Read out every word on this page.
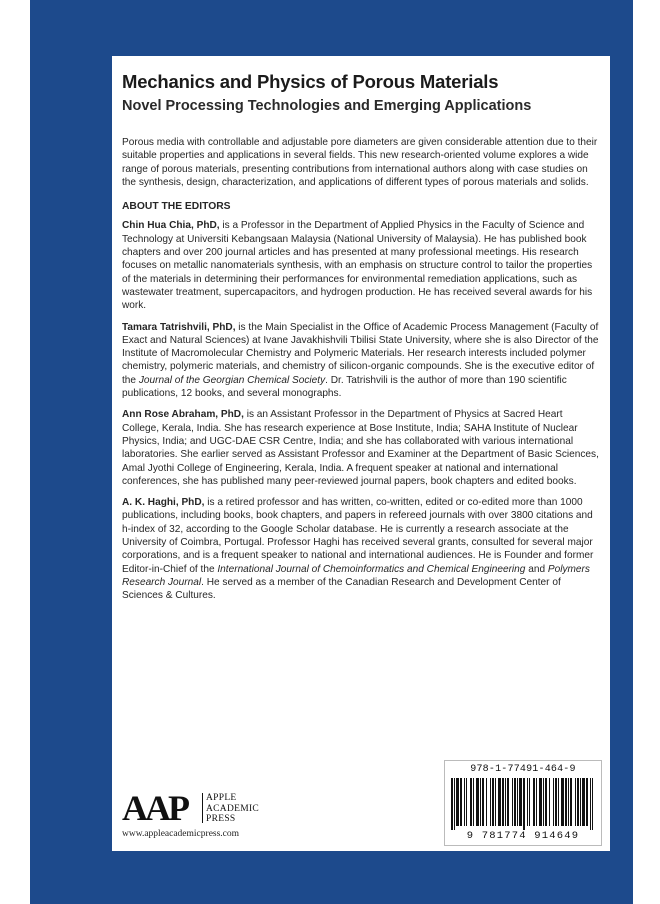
Mechanics and Physics of Porous Materials
Novel Processing Technologies and Emerging Applications

Porous media with controllable and adjustable pore diameters are given considerable attention due to their suitable properties and applications in several fields. This new research-oriented volume explores a wide range of porous materials, presenting contributions from international authors along with case studies on the synthesis, design, characterization, and applications of different types of porous materials and solids.

ABOUT THE EDITORS

Chin Hua Chia, PhD, is a Professor in the Department of Applied Physics in the Faculty of Science and Technology at Universiti Kebangsaan Malaysia (National University of Malaysia). He has published book chapters and over 200 journal articles and has presented at many professional meetings. His research focuses on metallic nanomaterials synthesis, with an emphasis on structure control to tailor the properties of the materials in determining their performances for environmental remediation applications, such as wastewater treatment, supercapacitors, and hydrogen production. He has received several awards for his work.

Tamara Tatrishvili, PhD, is the Main Specialist in the Office of Academic Process Management (Faculty of Exact and Natural Sciences) at Ivane Javakhishvili Tbilisi State University, where she is also Director of the Institute of Macromolecular Chemistry and Polymeric Materials. Her research interests included polymer chemistry, polymeric materials, and chemistry of silicon-organic compounds. She is the executive editor of the Journal of the Georgian Chemical Society. Dr. Tatrishvili is the author of more than 190 scientific publications, 12 books, and several monographs.

Ann Rose Abraham, PhD, is an Assistant Professor in the Department of Physics at Sacred Heart College, Kerala, India. She has research experience at Bose Institute, India; SAHA Institute of Nuclear Physics, India; and UGC-DAE CSR Centre, India; and she has collaborated with various international laboratories. She earlier served as Assistant Professor and Examiner at the Department of Basic Sciences, Amal Jyothi College of Engineering, Kerala, India. A frequent speaker at national and international conferences, she has published many peer-reviewed journal papers, book chapters and edited books.

A. K. Haghi, PhD, is a retired professor and has written, co-written, edited or co-edited more than 1000 publications, including books, book chapters, and papers in refereed journals with over 3800 citations and h-index of 32, according to the Google Scholar database. He is currently a research associate at the University of Coimbra, Portugal. Professor Haghi has received several grants, consulted for several major corporations, and is a frequent speaker to national and international audiences. He is Founder and former Editor-in-Chief of the International Journal of Chemoinformatics and Chemical Engineering and Polymers Research Journal. He served as a member of the Canadian Research and Development Center of Sciences & Cultures.

AAP APPLE
ACADEMIC
PRESS
www.appleacademicpress.com
978-1-77491-464-9
9 781774 914649
